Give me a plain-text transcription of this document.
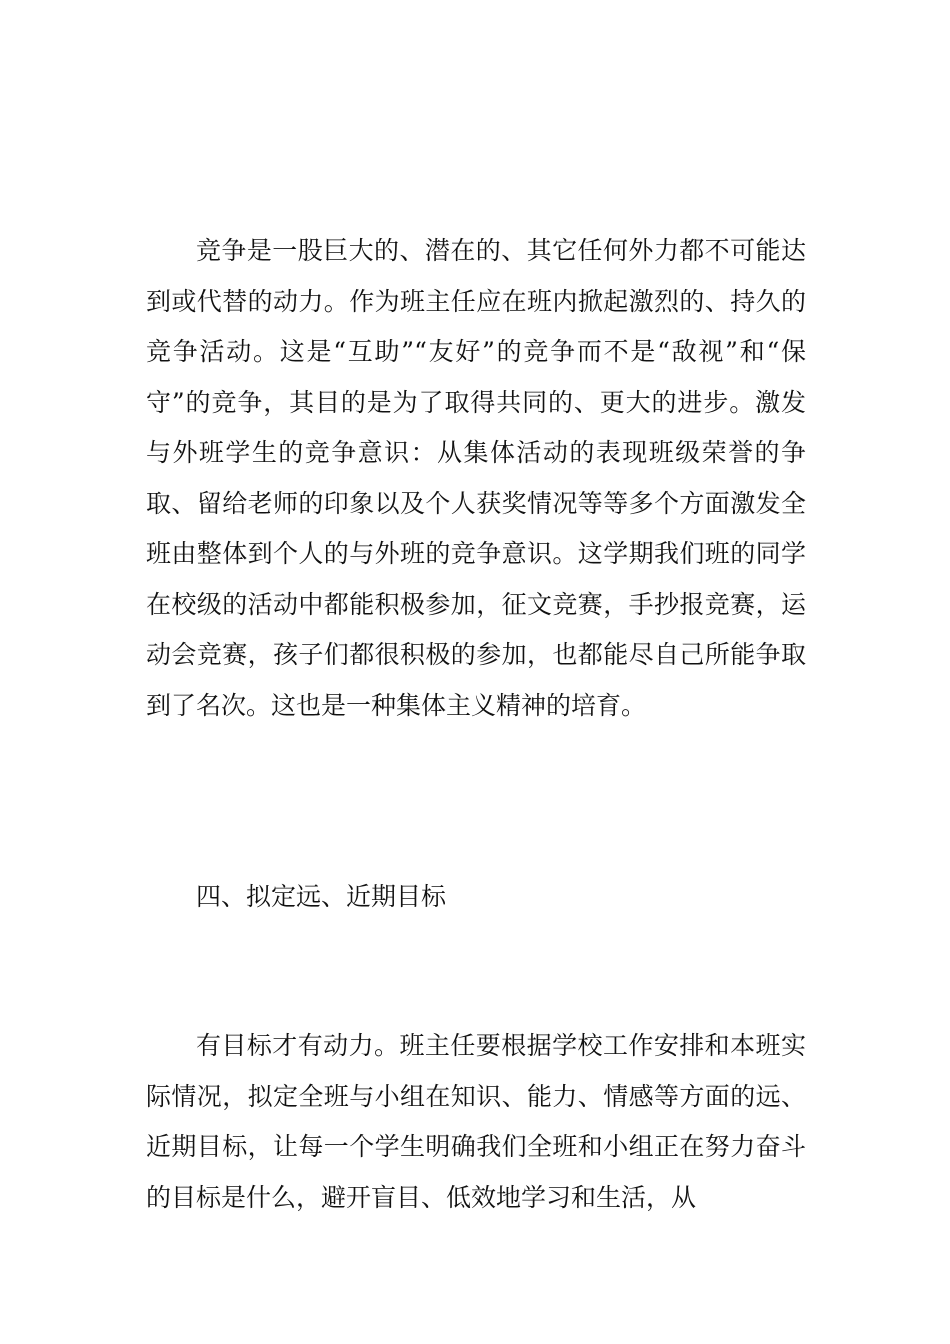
竞争是一股巨大的、潜在的、其它任何外力都不可能达到或代替的动力。作为班主任应在班内掀起激烈的、持久的竞争活动。这是“互助”“友好”的竞争而不是“敌视”和“保守”的竞争，其目的是为了取得共同的、更大的进步。激发与外班学生的竞争意识：从集体活动的表现班级荣誉的争取、留给老师的印象以及个人获奖情况等等多个方面激发全班由整体到个人的与外班的竞争意识。这学期我们班的同学在校级的活动中都能积极参加，征文竞赛，手抄报竞赛，运动会竞赛，孩子们都很积极的参加，也都能尽自己所能争取到了名次。这也是一种集体主义精神的培育。

四、拟定远、近期目标

有目标才有动力。班主任要根据学校工作安排和本班实际情况，拟定全班与小组在知识、能力、情感等方面的远、近期目标，让每一个学生明确我们全班和小组正在努力奋斗的目标是什么，避开盲目、低效地学习和生活，从
